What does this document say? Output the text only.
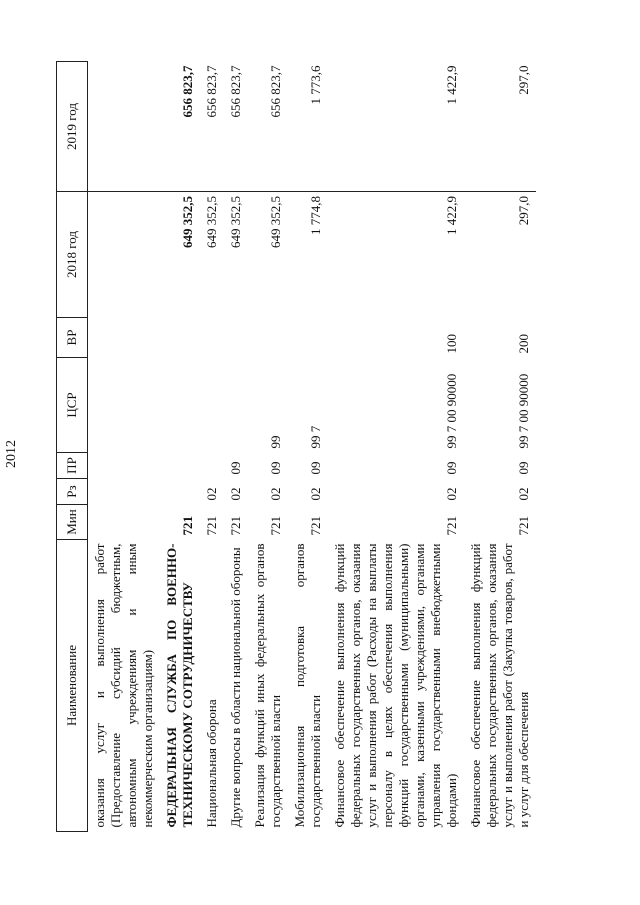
2012
Наименование	Мин	Рз	ПР	ЦСР	ВР	2018 год	2019 год
оказания услуг и выполнения работ (Предоставление субсидий бюджетным, автономным учреждениям и иным некоммерческим организациям)							
ФЕДЕРАЛЬНАЯ СЛУЖБА ПО ВОЕННО-ТЕХНИЧЕСКОМУ СОТРУДНИЧЕСТВУ	721					649 352,5	656 823,7
Национальная оборона	721	02				649 352,5	656 823,7
Другие вопросы в области национальной обороны	721	02	09			649 352,5	656 823,7
Реализация функций иных федеральных органов государственной власти	721	02	09	99		649 352,5	656 823,7
Мобилизационная подготовка органов государственной власти	721	02	09	99 7		1 774,8	1 773,6
Финансовое обеспечение выполнения функций федеральных государственных органов, оказания услуг и выполнения работ (Расходы на выплаты персоналу в целях обеспечения выполнения функций государственными (муниципальными) органами, казенными учреждениями, органами управления государственными внебюджетными фондами)	721	02	09	99 7 00 90000	100	1 422,9	1 422,9
Финансовое обеспечение выполнения функций федеральных государственных органов, оказания услуг и выполнения работ (Закупка товаров, работ и услуг для обеспечения	721	02	09	99 7 00 90000	200	297,0	297,0
